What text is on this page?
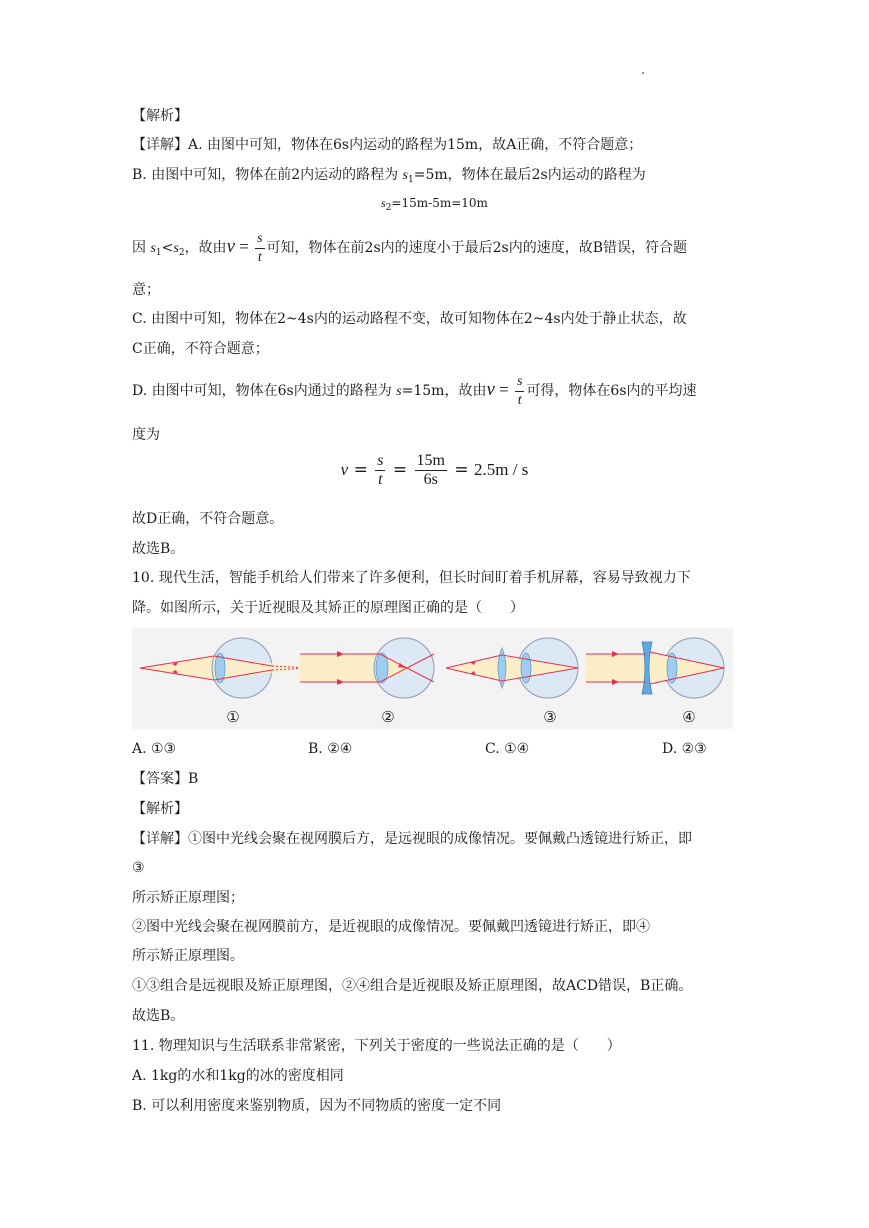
【解析】
【详解】A. 由图中可知，物体在6s内运动的路程为15m，故A正确，不符合题意；
B. 由图中可知，物体在前2内运动的路程为 $s_1=5m$，物体在最后2s内运动的路程为
$s_2=15m-5m=10m$
因 $s_1<s_2$，故由$v = \frac{s}{t}$ 可知，物体在前2s内的速度小于最后2s内的速度，故B错误，符合题
意；
C. 由图中可知，物体在2~4s内的运动路程不变，故可知物体在2~4s内处于静止状态，故
C正确，不符合题意；
D. 由图中可知，物体在6s内通过的路程为 s=15m，故由$v = \frac{s}{t}$ 可得，物体在6s内的平均速
度为
$v = \frac{s}{t} = \frac{15m}{6s} = 2.5m / s$
故D正确，不符合题意。
故选B。
10. 现代生活，智能手机给人们带来了许多便利，但长时间盯着手机屏幕，容易导致视力下
降。如图所示，关于近视眼及其矫正的原理图正确的是（　　）
①	②	③	④
A. ①③	B. ②④	C. ①④	D. ②③
【答案】B
【解析】
【详解】①图中光线会聚在视网膜后方，是远视眼的成像情况。要佩戴凸透镜进行矫正，即
③
所示矫正原理图；
②图中光线会聚在视网膜前方，是近视眼的成像情况。要佩戴凹透镜进行矫正，即④
所示矫正原理图。
①③组合是远视眼及矫正原理图，②④组合是近视眼及矫正原理图，故ACD错误，B正确。
故选B。
11. 物理知识与生活联系非常紧密，下列关于密度的一些说法正确的是（　　）
A. 1kg的水和1kg的冰的密度相同
B. 可以利用密度来鉴别物质，因为不同物质的密度一定不同
